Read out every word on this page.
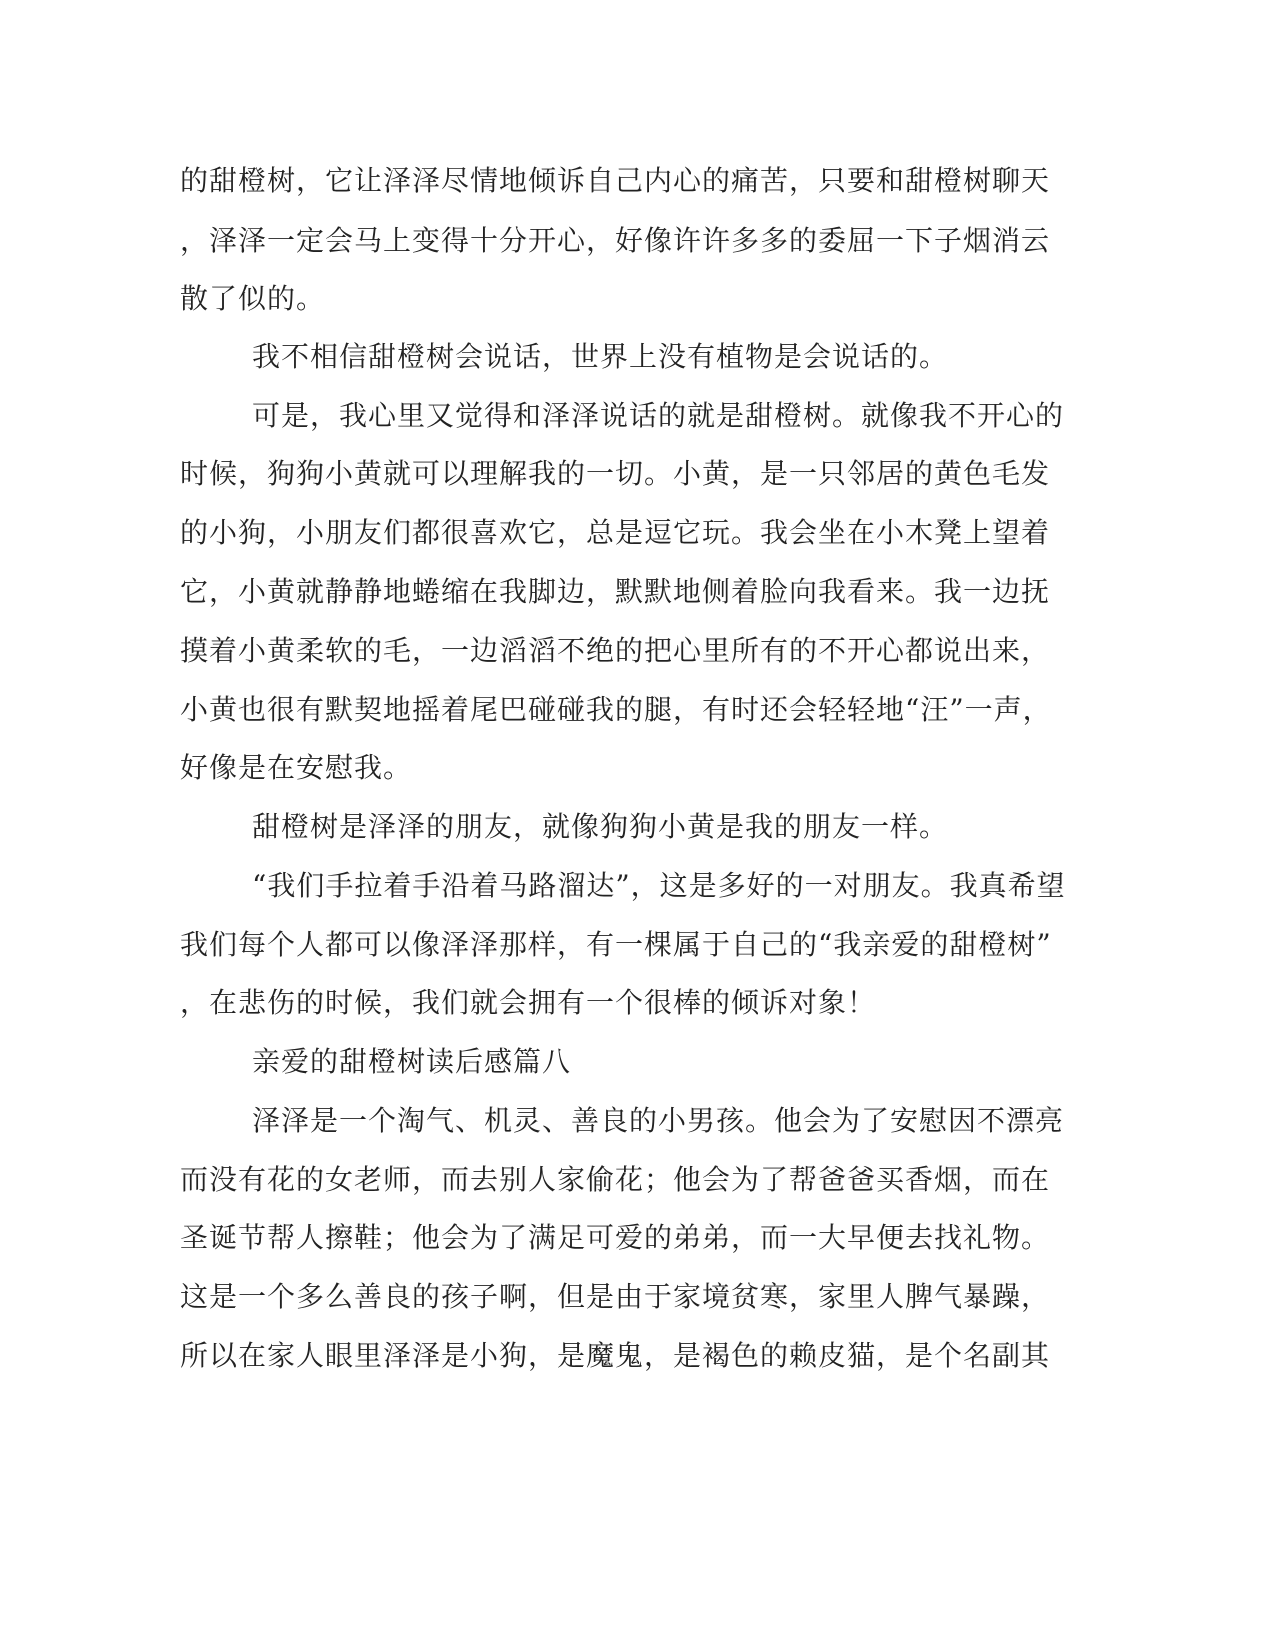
的甜橙树，它让泽泽尽情地倾诉自己内心的痛苦，只要和甜橙树聊天
，泽泽一定会马上变得十分开心，好像许许多多的委屈一下子烟消云
散了似的。
我不相信甜橙树会说话，世界上没有植物是会说话的。
可是，我心里又觉得和泽泽说话的就是甜橙树。就像我不开心的
时候，狗狗小黄就可以理解我的一切。小黄，是一只邻居的黄色毛发
的小狗，小朋友们都很喜欢它，总是逗它玩。我会坐在小木凳上望着
它，小黄就静静地蜷缩在我脚边，默默地侧着脸向我看来。我一边抚
摸着小黄柔软的毛，一边滔滔不绝的把心里所有的不开心都说出来，
小黄也很有默契地摇着尾巴碰碰我的腿，有时还会轻轻地“汪”一声，
好像是在安慰我。
甜橙树是泽泽的朋友，就像狗狗小黄是我的朋友一样。
“我们手拉着手沿着马路溜达”，这是多好的一对朋友。我真希望
我们每个人都可以像泽泽那样，有一棵属于自己的“我亲爱的甜橙树”
，在悲伤的时候，我们就会拥有一个很棒的倾诉对象！
亲爱的甜橙树读后感篇八
泽泽是一个淘气、机灵、善良的小男孩。他会为了安慰因不漂亮
而没有花的女老师，而去别人家偷花；他会为了帮爸爸买香烟，而在
圣诞节帮人擦鞋；他会为了满足可爱的弟弟，而一大早便去找礼物。
这是一个多么善良的孩子啊，但是由于家境贫寒，家里人脾气暴躁，
所以在家人眼里泽泽是小狗，是魔鬼，是褐色的赖皮猫，是个名副其
